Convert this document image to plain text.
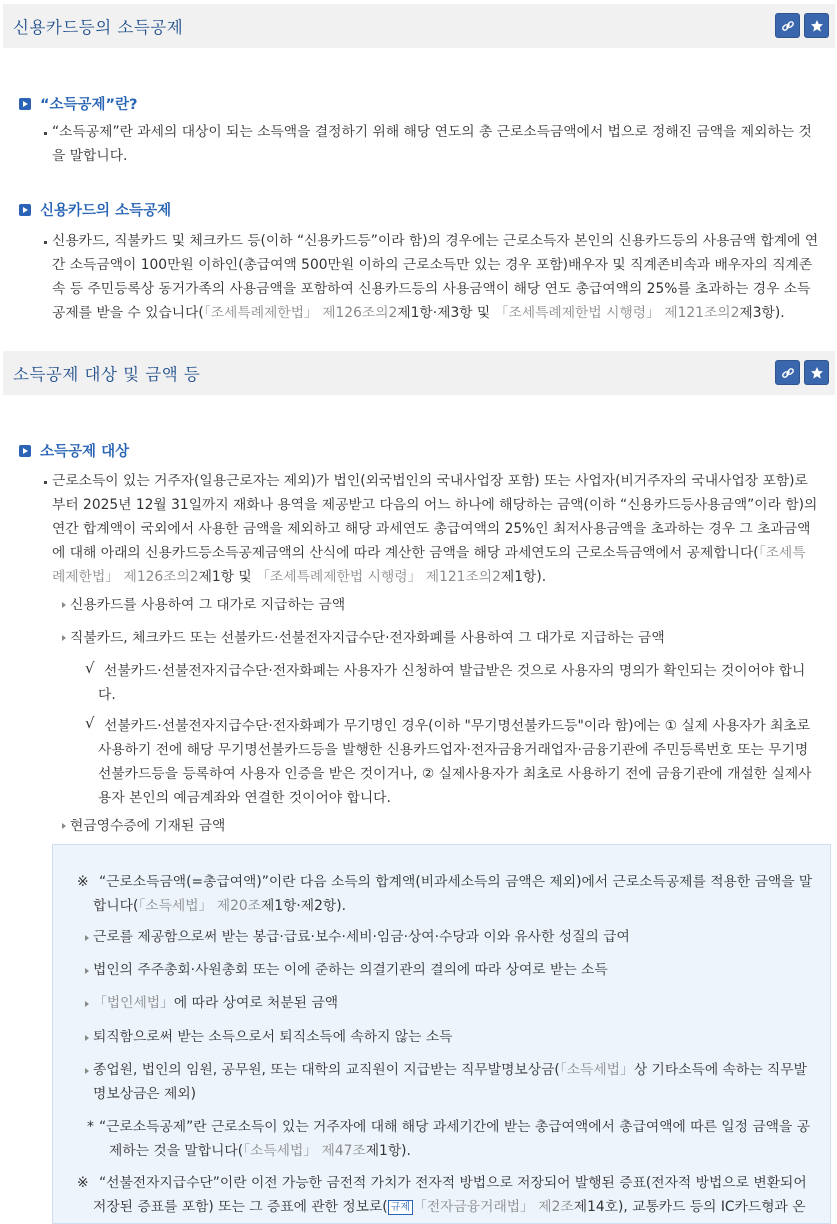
신용카드등의 소득공제
“소득공제”란?
“소득공제”란 과세의 대상이 되는 소득액을 결정하기 위해 해당 연도의 총 근로소득금액에서 법으로 정해진 금액을 제외하는 것
을 말합니다.
신용카드의 소득공제
신용카드, 직불카드 및 체크카드 등(이하 “신용카드등”이라 함)의 경우에는 근로소득자 본인의 신용카드등의 사용금액 합계에 연
간 소득금액이 100만원 이하인(총급여액 500만원 이하의 근로소득만 있는 경우 포함)배우자 및 직계존비속과 배우자의 직계존
속 등 주민등록상 동거가족의 사용금액을 포함하여 신용카드등의 사용금액이 해당 연도 총급여액의 25%를 초과하는 경우 소득
공제를 받을 수 있습니다(「조세특례제한법」 제126조의2제1항·제3항 및 「조세특례제한법 시행령」 제121조의2제3항).
소득공제 대상 및 금액 등
소득공제 대상
근로소득이 있는 거주자(일용근로자는 제외)가 법인(외국법인의 국내사업장 포함) 또는 사업자(비거주자의 국내사업장 포함)로
부터 2025년 12월 31일까지 재화나 용역을 제공받고 다음의 어느 하나에 해당하는 금액(이하 “신용카드등사용금액”이라 함)의
연간 합계액이 국외에서 사용한 금액을 제외하고 해당 과세연도 총급여액의 25%인 최저사용금액을 초과하는 경우 그 초과금액
에 대해 아래의 신용카드등소득공제금액의 산식에 따라 계산한 금액을 해당 과세연도의 근로소득금액에서 공제합니다(「조세특
례제한법」 제126조의2제1항 및 「조세특례제한법 시행령」 제121조의2제1항).
신용카드를 사용하여 그 대가로 지급하는 금액
직불카드, 체크카드 또는 선불카드·선불전자지급수단·전자화폐를 사용하여 그 대가로 지급하는 금액
√ 선불카드·선불전자지급수단·전자화폐는 사용자가 신청하여 발급받은 것으로 사용자의 명의가 확인되는 것이어야 합니
다.
√ 선불카드·선불전자지급수단·전자화폐가 무기명인 경우(이하 "무기명선불카드등"이라 함)에는 ① 실제 사용자가 최초로
사용하기 전에 해당 무기명선불카드등을 발행한 신용카드업자·전자금융거래업자·금융기관에 주민등록번호 또는 무기명
선불카드등을 등록하여 사용자 인증을 받은 것이거나, ② 실제사용자가 최초로 사용하기 전에 금융기관에 개설한 실제사
용자 본인의 예금계좌와 연결한 것이어야 합니다.
현금영수증에 기재된 금액
※ “근로소득금액(=총급여액)”이란 다음 소득의 합계액(비과세소득의 금액은 제외)에서 근로소득공제를 적용한 금액을 말
합니다(「소득세법」 제20조제1항·제2항).
근로를 제공함으로써 받는 봉급·급료·보수·세비·임금·상여·수당과 이와 유사한 성질의 급여
법인의 주주총회·사원총회 또는 이에 준하는 의결기관의 결의에 따라 상여로 받는 소득
「법인세법」에 따라 상여로 처분된 금액
퇴직함으로써 받는 소득으로서 퇴직소득에 속하지 않는 소득
종업원, 법인의 임원, 공무원, 또는 대학의 교직원이 지급받는 직무발명보상금(「소득세법」상 기타소득에 속하는 직무발
명보상금은 제외)
* “근로소득공제”란 근로소득이 있는 거주자에 대해 해당 과세기간에 받는 총급여액에서 총급여액에 따른 일정 금액을 공
제하는 것을 말합니다(「소득세법」 제47조제1항).
※ “선불전자지급수단”이란 이전 가능한 금전적 가치가 전자적 방법으로 저장되어 발행된 증표(전자적 방법으로 변환되어
저장된 증표를 포함) 또는 그 증표에 관한 정보로( 규제 「전자금융거래법」 제2조제14호), 교통카드 등의 IC카드형과 온
